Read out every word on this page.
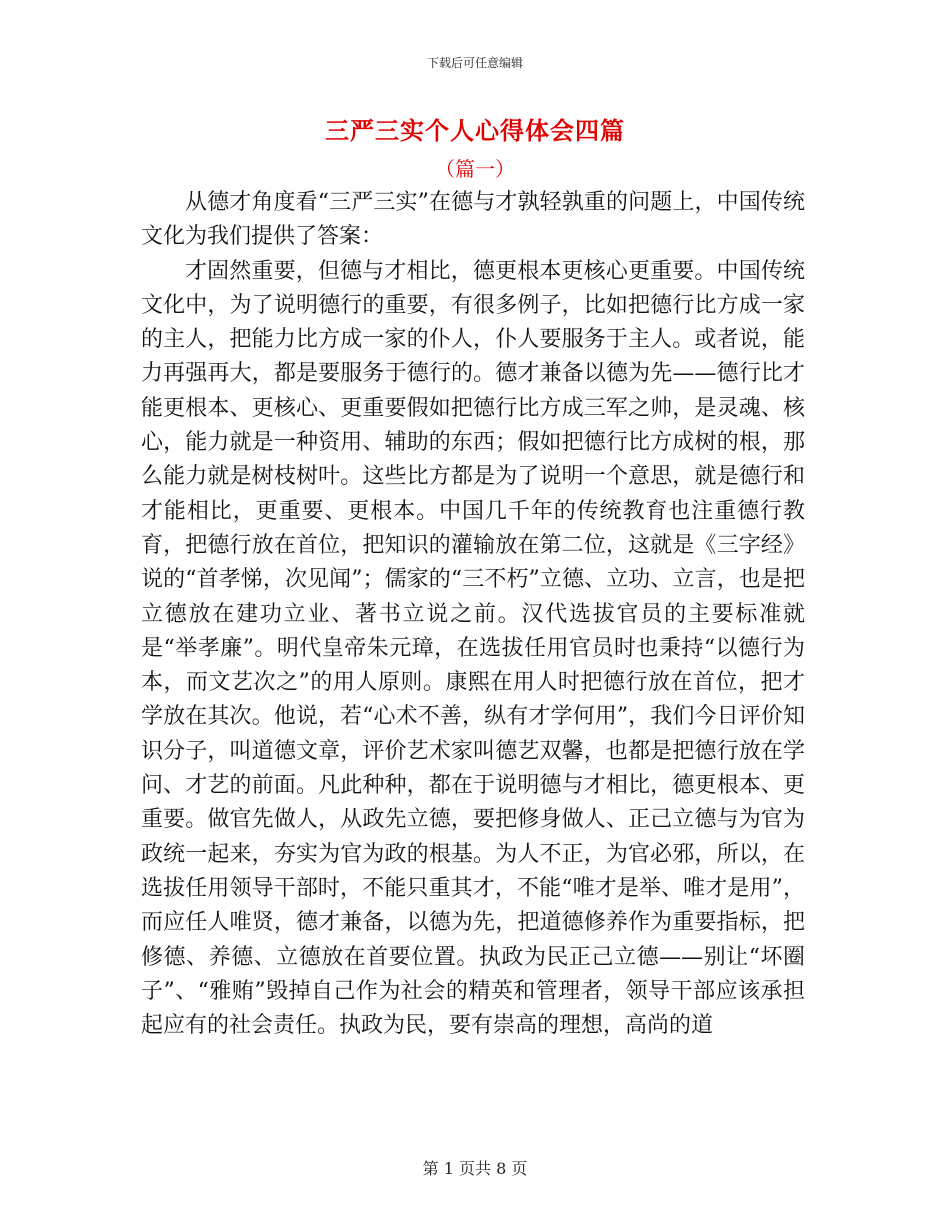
下载后可任意编辑
三严三实个人心得体会四篇
（篇一）

从德才角度看“三严三实”在德与才孰轻孰重的问题上，中国传统文化为我们提供了答案：

才固然重要，但德与才相比，德更根本更核心更重要。中国传统文化中，为了说明德行的重要，有很多例子，比如把德行比方成一家的主人，把能力比方成一家的仆人，仆人要服务于主人。或者说，能力再强再大，都是要服务于德行的。德才兼备以德为先——德行比才能更根本、更核心、更重要假如把德行比方成三军之帅，是灵魂、核心，能力就是一种资用、辅助的东西；假如把德行比方成树的根，那么能力就是树枝树叶。这些比方都是为了说明一个意思，就是德行和才能相比，更重要、更根本。中国几千年的传统教育也注重德行教育，把德行放在首位，把知识的灌输放在第二位，这就是《三字经》说的“首孝悌，次见闻”；儒家的“三不朽”立德、立功、立言，也是把立德放在建功立业、著书立说之前。汉代选拔官员的主要标准就是“举孝廉”。明代皇帝朱元璋，在选拔任用官员时也秉持“以德行为本，而文艺次之”的用人原则。康熙在用人时把德行放在首位，把才学放在其次。他说，若“心术不善，纵有才学何用”，我们今日评价知识分子，叫道德文章，评价艺术家叫德艺双馨，也都是把德行放在学问、才艺的前面。凡此种种，都在于说明德与才相比，德更根本、更重要。做官先做人，从政先立德，要把修身做人、正己立德与为官为政统一起来，夯实为官为政的根基。为人不正，为官必邪，所以，在选拔任用领导干部时，不能只重其才，不能“唯才是举、唯才是用”，而应任人唯贤，德才兼备，以德为先，把道德修养作为重要指标，把修德、养德、立德放在首要位置。执政为民正己立德——别让“坏圈子”、“雅贿”毁掉自己作为社会的精英和管理者，领导干部应该承担起应有的社会责任。执政为民，要有崇高的理想，高尚的道

第 1 页共 8 页
